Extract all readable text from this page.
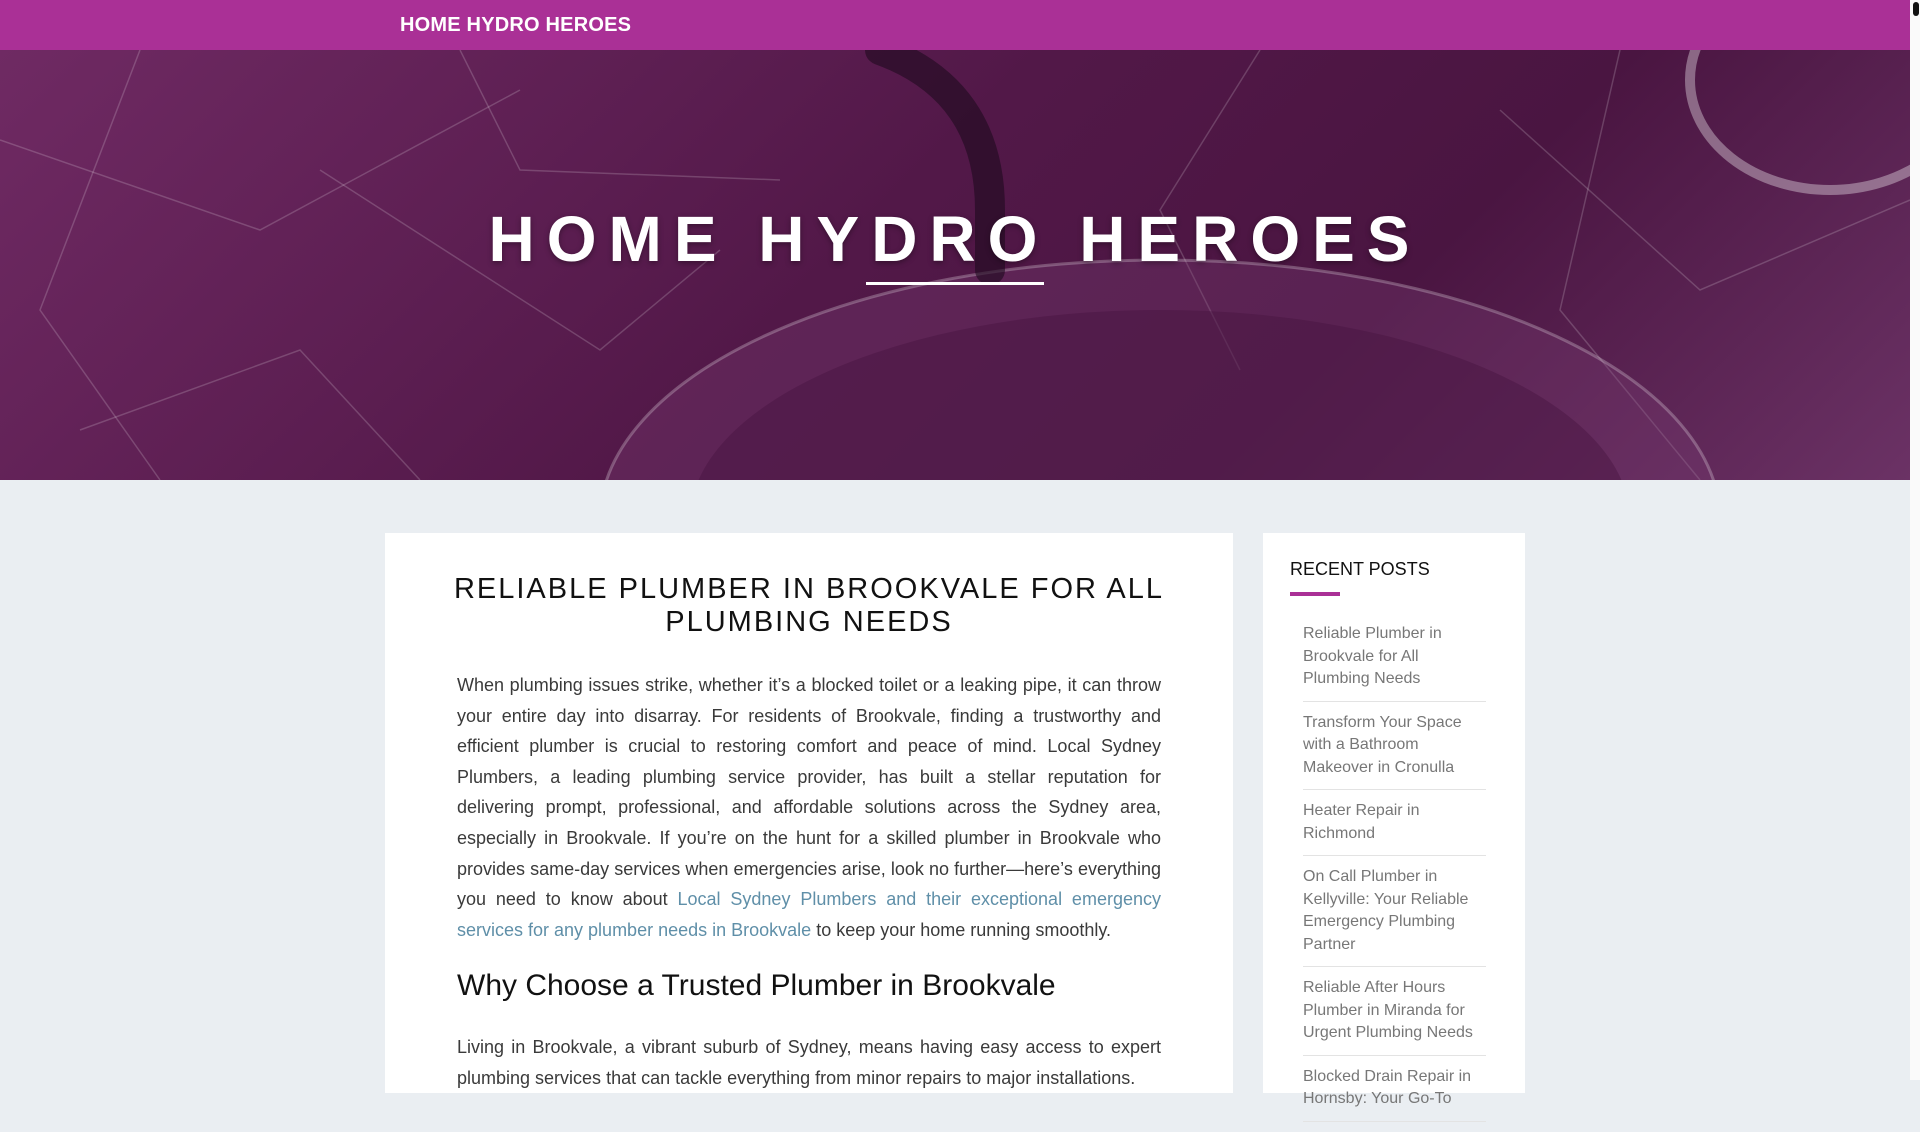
HOME HYDRO HEROES
HOME HYDRO HEROES
RELIABLE PLUMBER IN BROOKVALE FOR ALL PLUMBING NEEDS
When plumbing issues strike, whether it’s a blocked toilet or a leaking pipe, it can throw your entire day into disarray. For residents of Brookvale, finding a trustworthy and efficient plumber is crucial to restoring comfort and peace of mind. Local Sydney Plumbers, a leading plumbing service provider, has built a stellar reputation for delivering prompt, professional, and affordable solutions across the Sydney area, especially in Brookvale. If you’re on the hunt for a skilled plumber in Brookvale who provides same-day services when emergencies arise, look no further—here’s everything you need to know about Local Sydney Plumbers and their exceptional emergency services for any plumber needs in Brookvale to keep your home running smoothly.
Why Choose a Trusted Plumber in Brookvale
Living in Brookvale, a vibrant suburb of Sydney, means having easy access to expert plumbing services that can tackle everything from minor repairs to major installations.
RECENT POSTS
Reliable Plumber in Brookvale for All Plumbing Needs
Transform Your Space with a Bathroom Makeover in Cronulla
Heater Repair in Richmond
On Call Plumber in Kellyville: Your Reliable Emergency Plumbing Partner
Reliable After Hours Plumber in Miranda for Urgent Plumbing Needs
Blocked Drain Repair in Hornsby: Your Go-To
